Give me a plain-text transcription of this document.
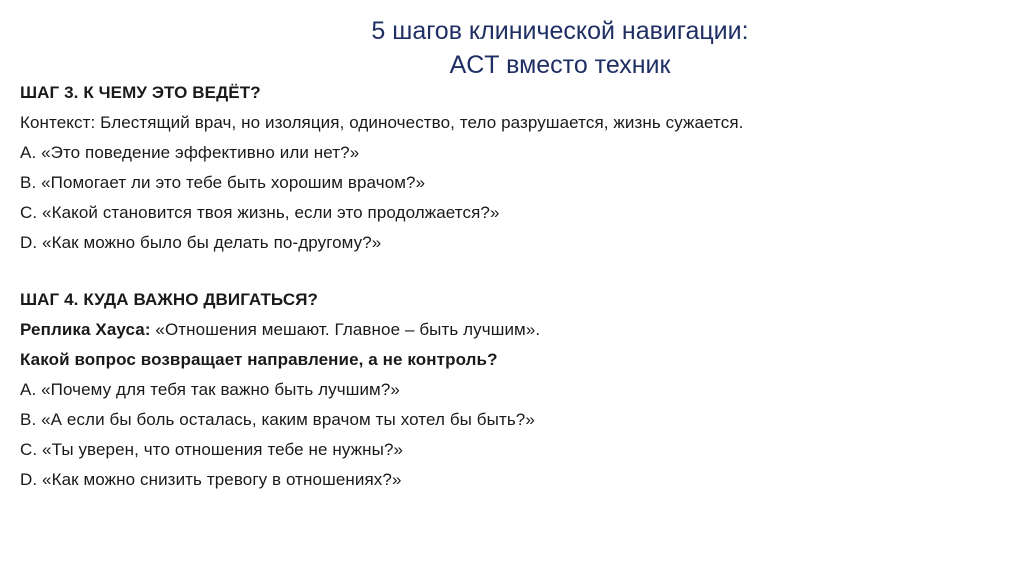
5 шагов клинической навигации:
ACT вместо техник
ШАГ 3. К ЧЕМУ ЭТО ВЕДЁТ?
Контекст: Блестящий врач, но изоляция, одиночество, тело разрушается, жизнь сужается.
A. «Это поведение эффективно или нет?»
B. «Помогает ли это тебе быть хорошим врачом?»
C. «Какой становится твоя жизнь, если это продолжается?»
D. «Как можно было бы делать по-другому?»
ШАГ 4. КУДА ВАЖНО ДВИГАТЬСЯ?
Реплика Хауса: «Отношения мешают. Главное – быть лучшим».
Какой вопрос возвращает направление, а не контроль?
A. «Почему для тебя так важно быть лучшим?»
B. «А если бы боль осталась, каким врачом ты хотел бы быть?»
C. «Ты уверен, что отношения тебе не нужны?»
D. «Как можно снизить тревогу в отношениях?»
